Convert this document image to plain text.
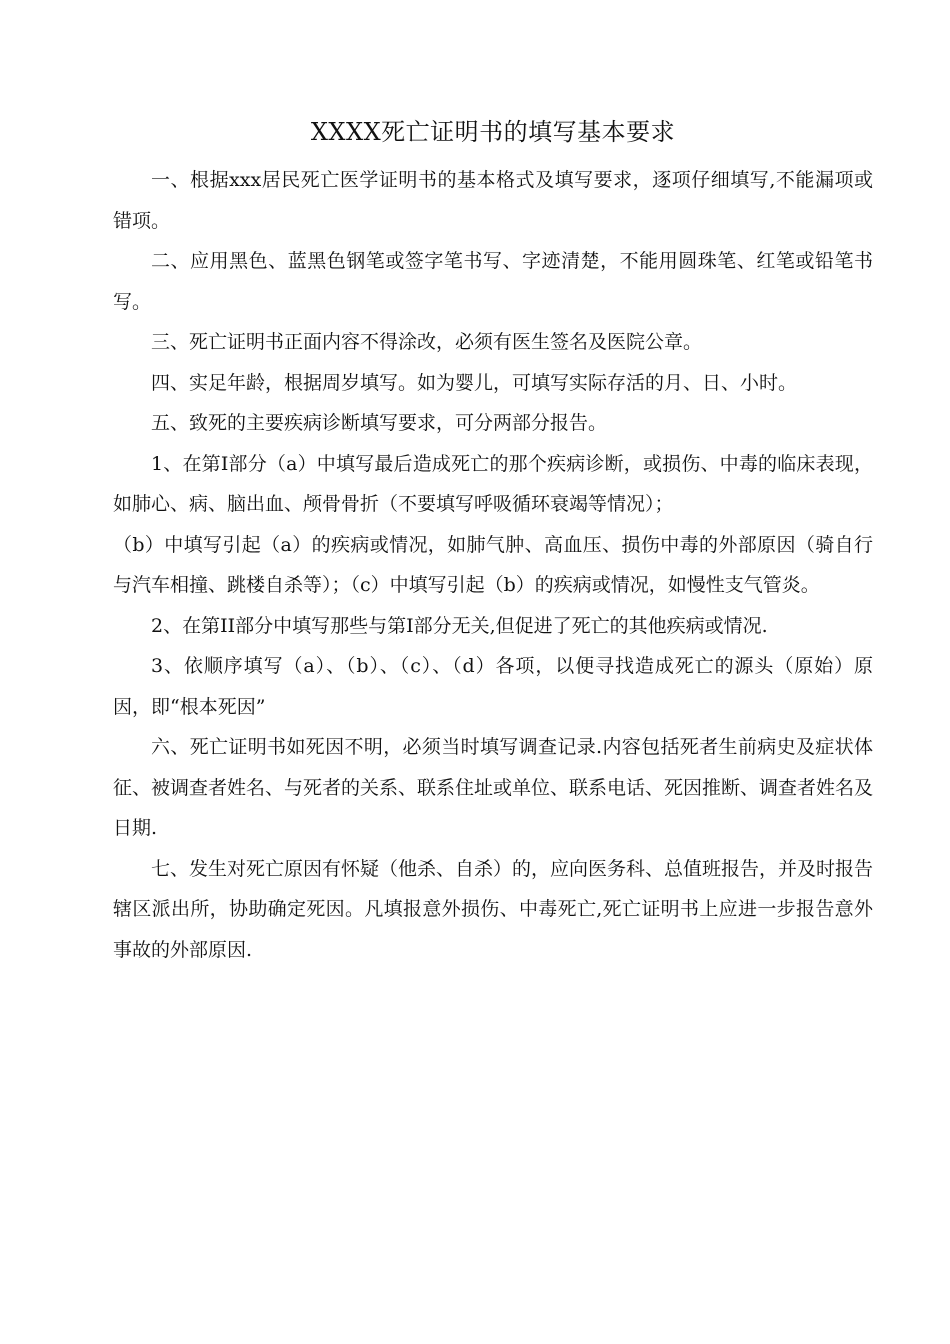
XXXX死亡证明书的填写基本要求

一、根据xxx居民死亡医学证明书的基本格式及填写要求，逐项仔细填写,不能漏项或错项。

二、应用黑色、蓝黑色钢笔或签字笔书写、字迹清楚，不能用圆珠笔、红笔或铅笔书写。

三、死亡证明书正面内容不得涂改，必须有医生签名及医院公章。

四、实足年龄，根据周岁填写。如为婴儿，可填写实际存活的月、日、小时。

五、致死的主要疾病诊断填写要求，可分两部分报告。

1、在第I部分（a）中填写最后造成死亡的那个疾病诊断，或损伤、中毒的临床表现，如肺心、病、脑出血、颅骨骨折（不要填写呼吸循环衰竭等情况）；

（b）中填写引起（a）的疾病或情况，如肺气肿、高血压、损伤中毒的外部原因（骑自行与汽车相撞、跳楼自杀等）；（c）中填写引起（b）的疾病或情况，如慢性支气管炎。

2、在第II部分中填写那些与第I部分无关,但促进了死亡的其他疾病或情况.

3、依顺序填写（a）、（b）、（c）、（d）各项，以便寻找造成死亡的源头（原始）原因，即“根本死因”

六、死亡证明书如死因不明，必须当时填写调查记录.内容包括死者生前病史及症状体征、被调查者姓名、与死者的关系、联系住址或单位、联系电话、死因推断、调查者姓名及日期.

七、发生对死亡原因有怀疑（他杀、自杀）的，应向医务科、总值班报告，并及时报告辖区派出所，协助确定死因。凡填报意外损伤、中毒死亡,死亡证明书上应进一步报告意外事故的外部原因.
